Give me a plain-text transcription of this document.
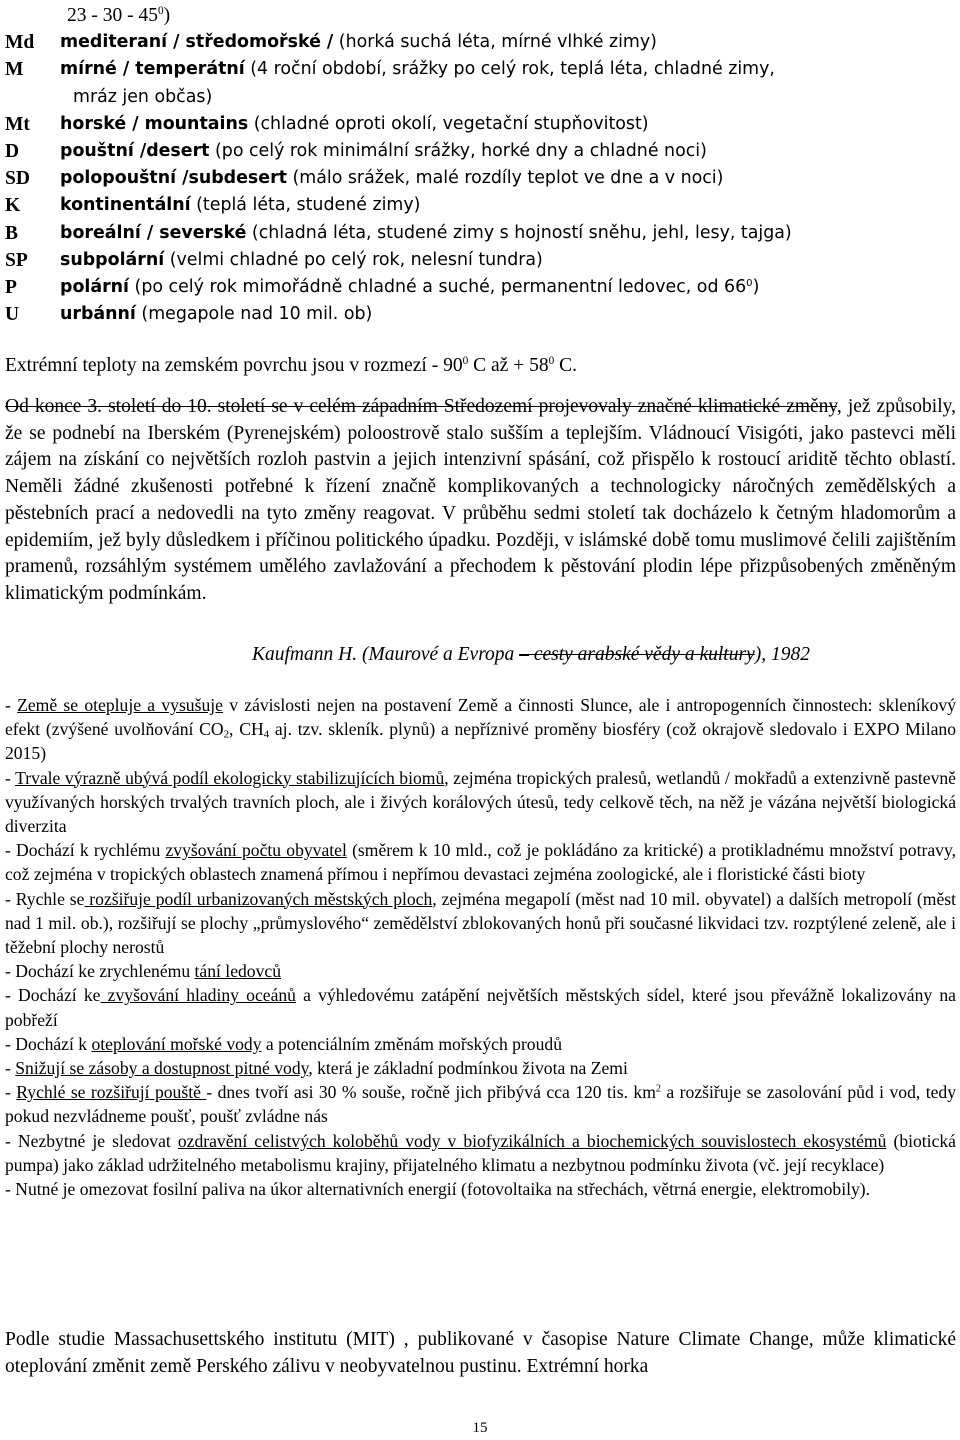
$23 - 30 - 45^0$)
Md	mediteraní / středomořské / (horká suchá léta, mírné vlhké zimy)
M	mírné / temperátní (4 roční období, srážky po celý rok, teplá léta, chladné zimy,
mráz jen občas)
Mt	horské / mountains (chladné oproti okolí, vegetační stupňovitost)
D	pouštní /desert (po celý rok minimální srážky, horké dny a chladné noci)
SD	polopouštní /subdesert (málo srážek, malé rozdíly teplot ve dne a v noci)
K	kontinentální (teplá léta, studené zimy)
B	boreální / severské (chladná léta, studené zimy s hojností sněhu, jehl, lesy, tajga)
SP	subpolární (velmi chladné po celý rok, nelesní tundra)
P	polární (po celý rok mimořádně chladné a suché, permanentní ledovec, od $66^0$)
U	urbánní (megapole nad 10 mil. ob)
Extrémní teploty na zemském povrchu jsou v rozmezí - $90^0$ C až + $58^0$ C.
Od konce 3. století do 10. století se v celém západním Středozemí projevovaly značné klimatické změny, jež způsobily, že se podnebí na Iberském (Pyrenejském) poloostrově stalo sušším a teplejším. Vládnoucí Visigóti, jako pastevci měli zájem na získání co největších rozloh pastvin a jejich intenzivní spásání, což přispělo k rostoucí ariditě těchto oblastí. Neměli žádné zkušenosti potřebné k řízení značně komplikovaných a technologicky náročných zemědělských a pěstebních prací a nedovedli na tyto změny reagovat. V průběhu sedmi století tak docházelo k četným hladomorům a epidemiím, jež byly důsledkem i příčinou politického úpadku. Později, v islámské době tomu muslimové čelili zajištěním pramenů, rozsáhlým systémem umělého zavlažování a přechodem k pěstování plodin lépe přizpůsobených změněným klimatickým podmínkám.
Kaufmann H. (Maurové a Evropa – cesty arabské vědy a kultury), 1982

- Země se otepluje a vysušuje v závislosti nejen na postavení Země a činnosti Slunce, ale i antropogenních činnostech: skleníkový efekt (zvýšené uvolňování $CO_2$, $CH_4$ aj. tzv. skleník. plynů) a nepříznivé proměny biosféry (což okrajově sledovalo i EXPO Milano 2015)

- Trvale výrazně ubývá podíl ekologicky stabilizujících biomů, zejména tropických pralesů, wetlandů / mokřadů a extenzivně pastevně využívaných horských trvalých travních ploch, ale i živých korálových útesů, tedy celkově těch, na něž je vázána největší biologická diverzita

- Dochází k rychlému zvyšování počtu obyvatel (směrem k 10 mld., což je pokládáno za kritické) a protikladnému množství potravy, což zejména v tropických oblastech znamená přímou i nepřímou devastaci zejména zoologické, ale i floristické části bioty

- Rychle se rozšiřuje podíl urbanizovaných městských ploch, zejména megapolí (měst nad 10 mil. obyvatel) a dalších metropolí (měst nad 1 mil. ob.), rozšiřují se plochy „průmyslového“ zemědělství zblokovaných honů při současné likvidaci tzv. rozptýlené zeleně, ale i těžební plochy nerostů

- Dochází ke zrychlenému tání ledovců

- Dochází ke zvyšování hladiny oceánů a výhledovému zatápění největších městských sídel, které jsou převážně lokalizovány na pobřeží

- Dochází k oteplování mořské vody a potenciálním změnám mořských proudů

- Snižují se zásoby a dostupnost pitné vody, která je základní podmínkou života na Zemi

- Rychlé se rozšiřují pouště - dnes tvoří asi 30 % souše, ročně jich přibývá cca 120 tis. $km^2$ a rozšiřuje se zasolování půd i vod, tedy pokud nezvládneme poušť, poušť zvládne nás

- Nezbytné je sledovat ozdravění celistvých koloběhů vody v biofyzikálních a biochemických souvislostech ekosystémů (biotická pumpa) jako základ udržitelného metabolismu krajiny, přijatelného klimatu a nezbytnou podmínku života (vč. její recyklace)

- Nutné je omezovat fosilní paliva na úkor alternativních energií (fotovoltaika na střechách, větrná energie, elektromobily).

Podle studie Massachusettského institutu (MIT) , publikované v časopise Nature Climate Change, může klimatické oteplování změnit země Perského zálivu v neobyvatelnou pustinu. Extrémní horka
15
